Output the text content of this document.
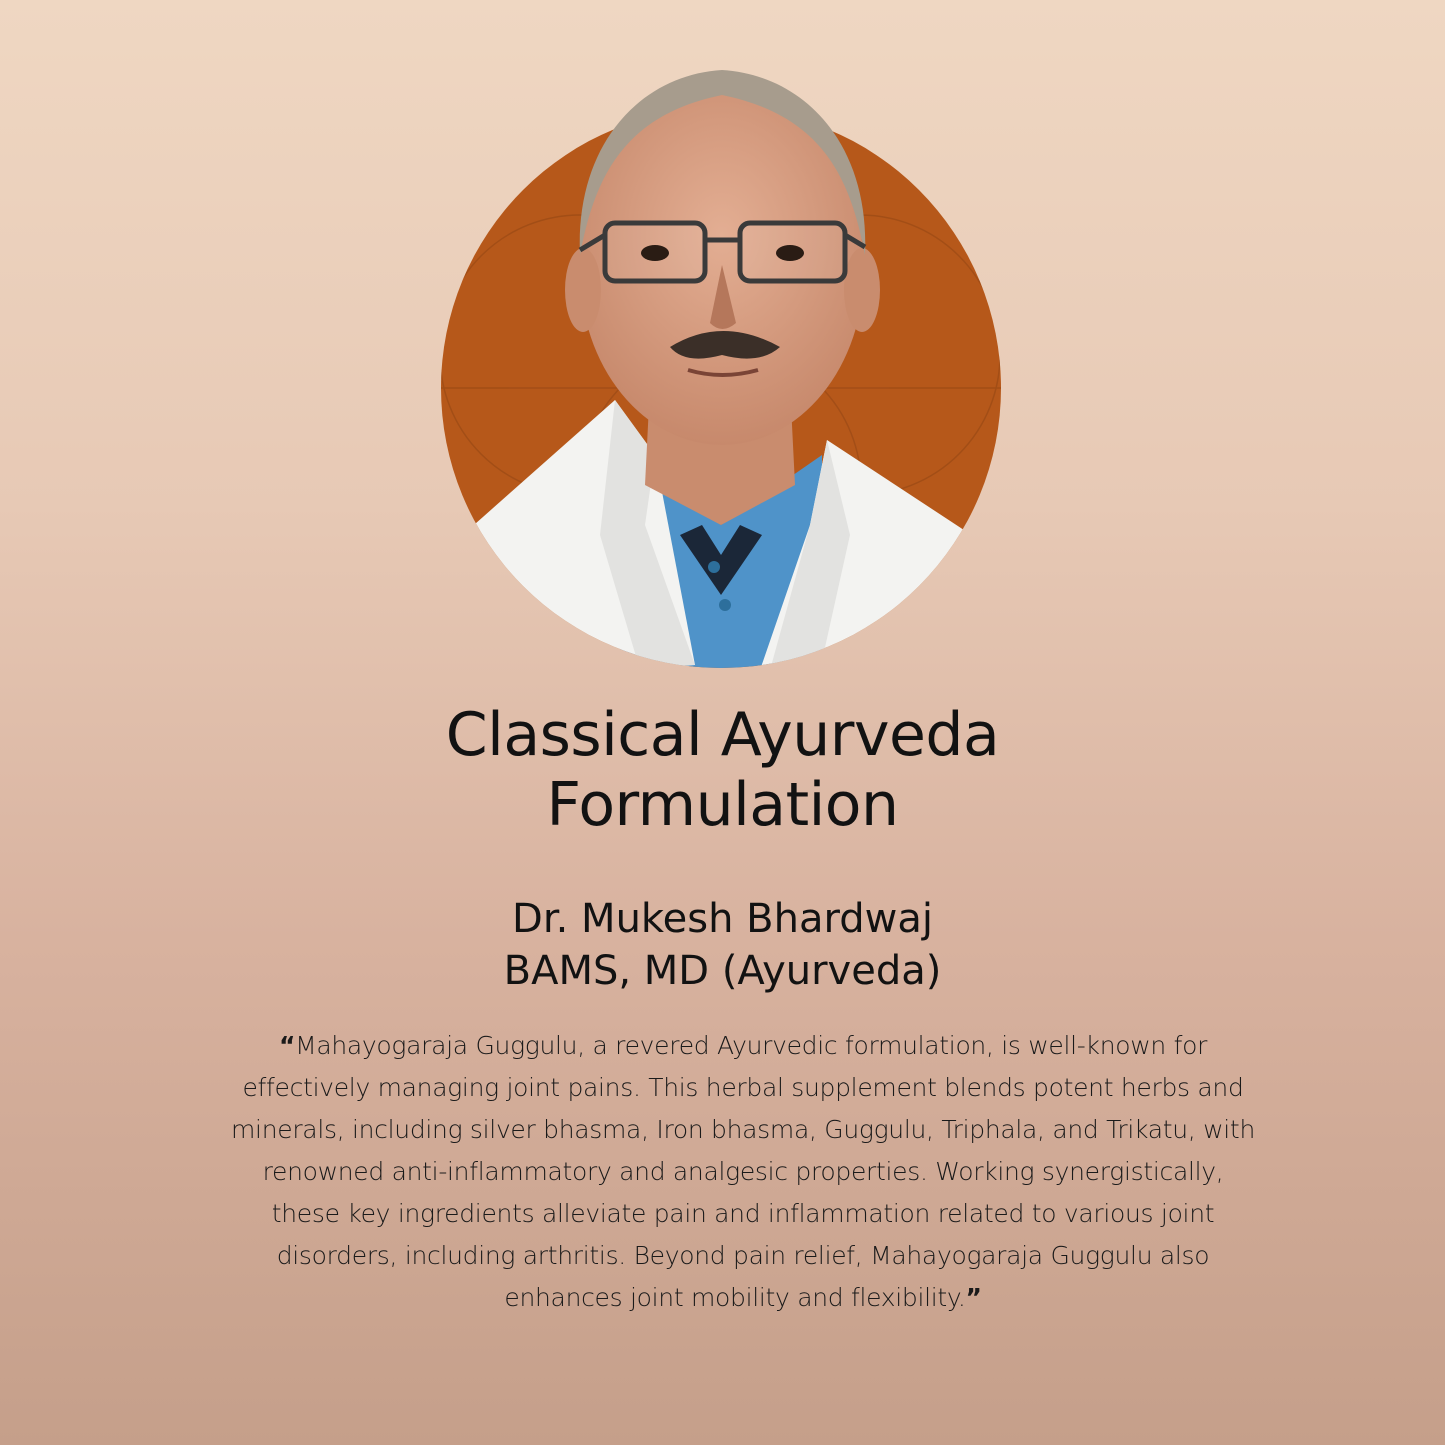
Classical Ayurveda
Formulation
Dr. Mukesh Bhardwaj
BAMS, MD (Ayurveda)
“Mahayogaraja Guggulu, a revered Ayurvedic formulation, is well-known for effectively managing joint pains. This herbal supplement blends potent herbs and minerals, including silver bhasma, Iron bhasma, Guggulu, Triphala, and Trikatu, with renowned anti-inflammatory and analgesic properties. Working synergistically, these key ingredients alleviate pain and inflammation related to various joint disorders, including arthritis. Beyond pain relief, Mahayogaraja Guggulu also enhances joint mobility and flexibility.”
